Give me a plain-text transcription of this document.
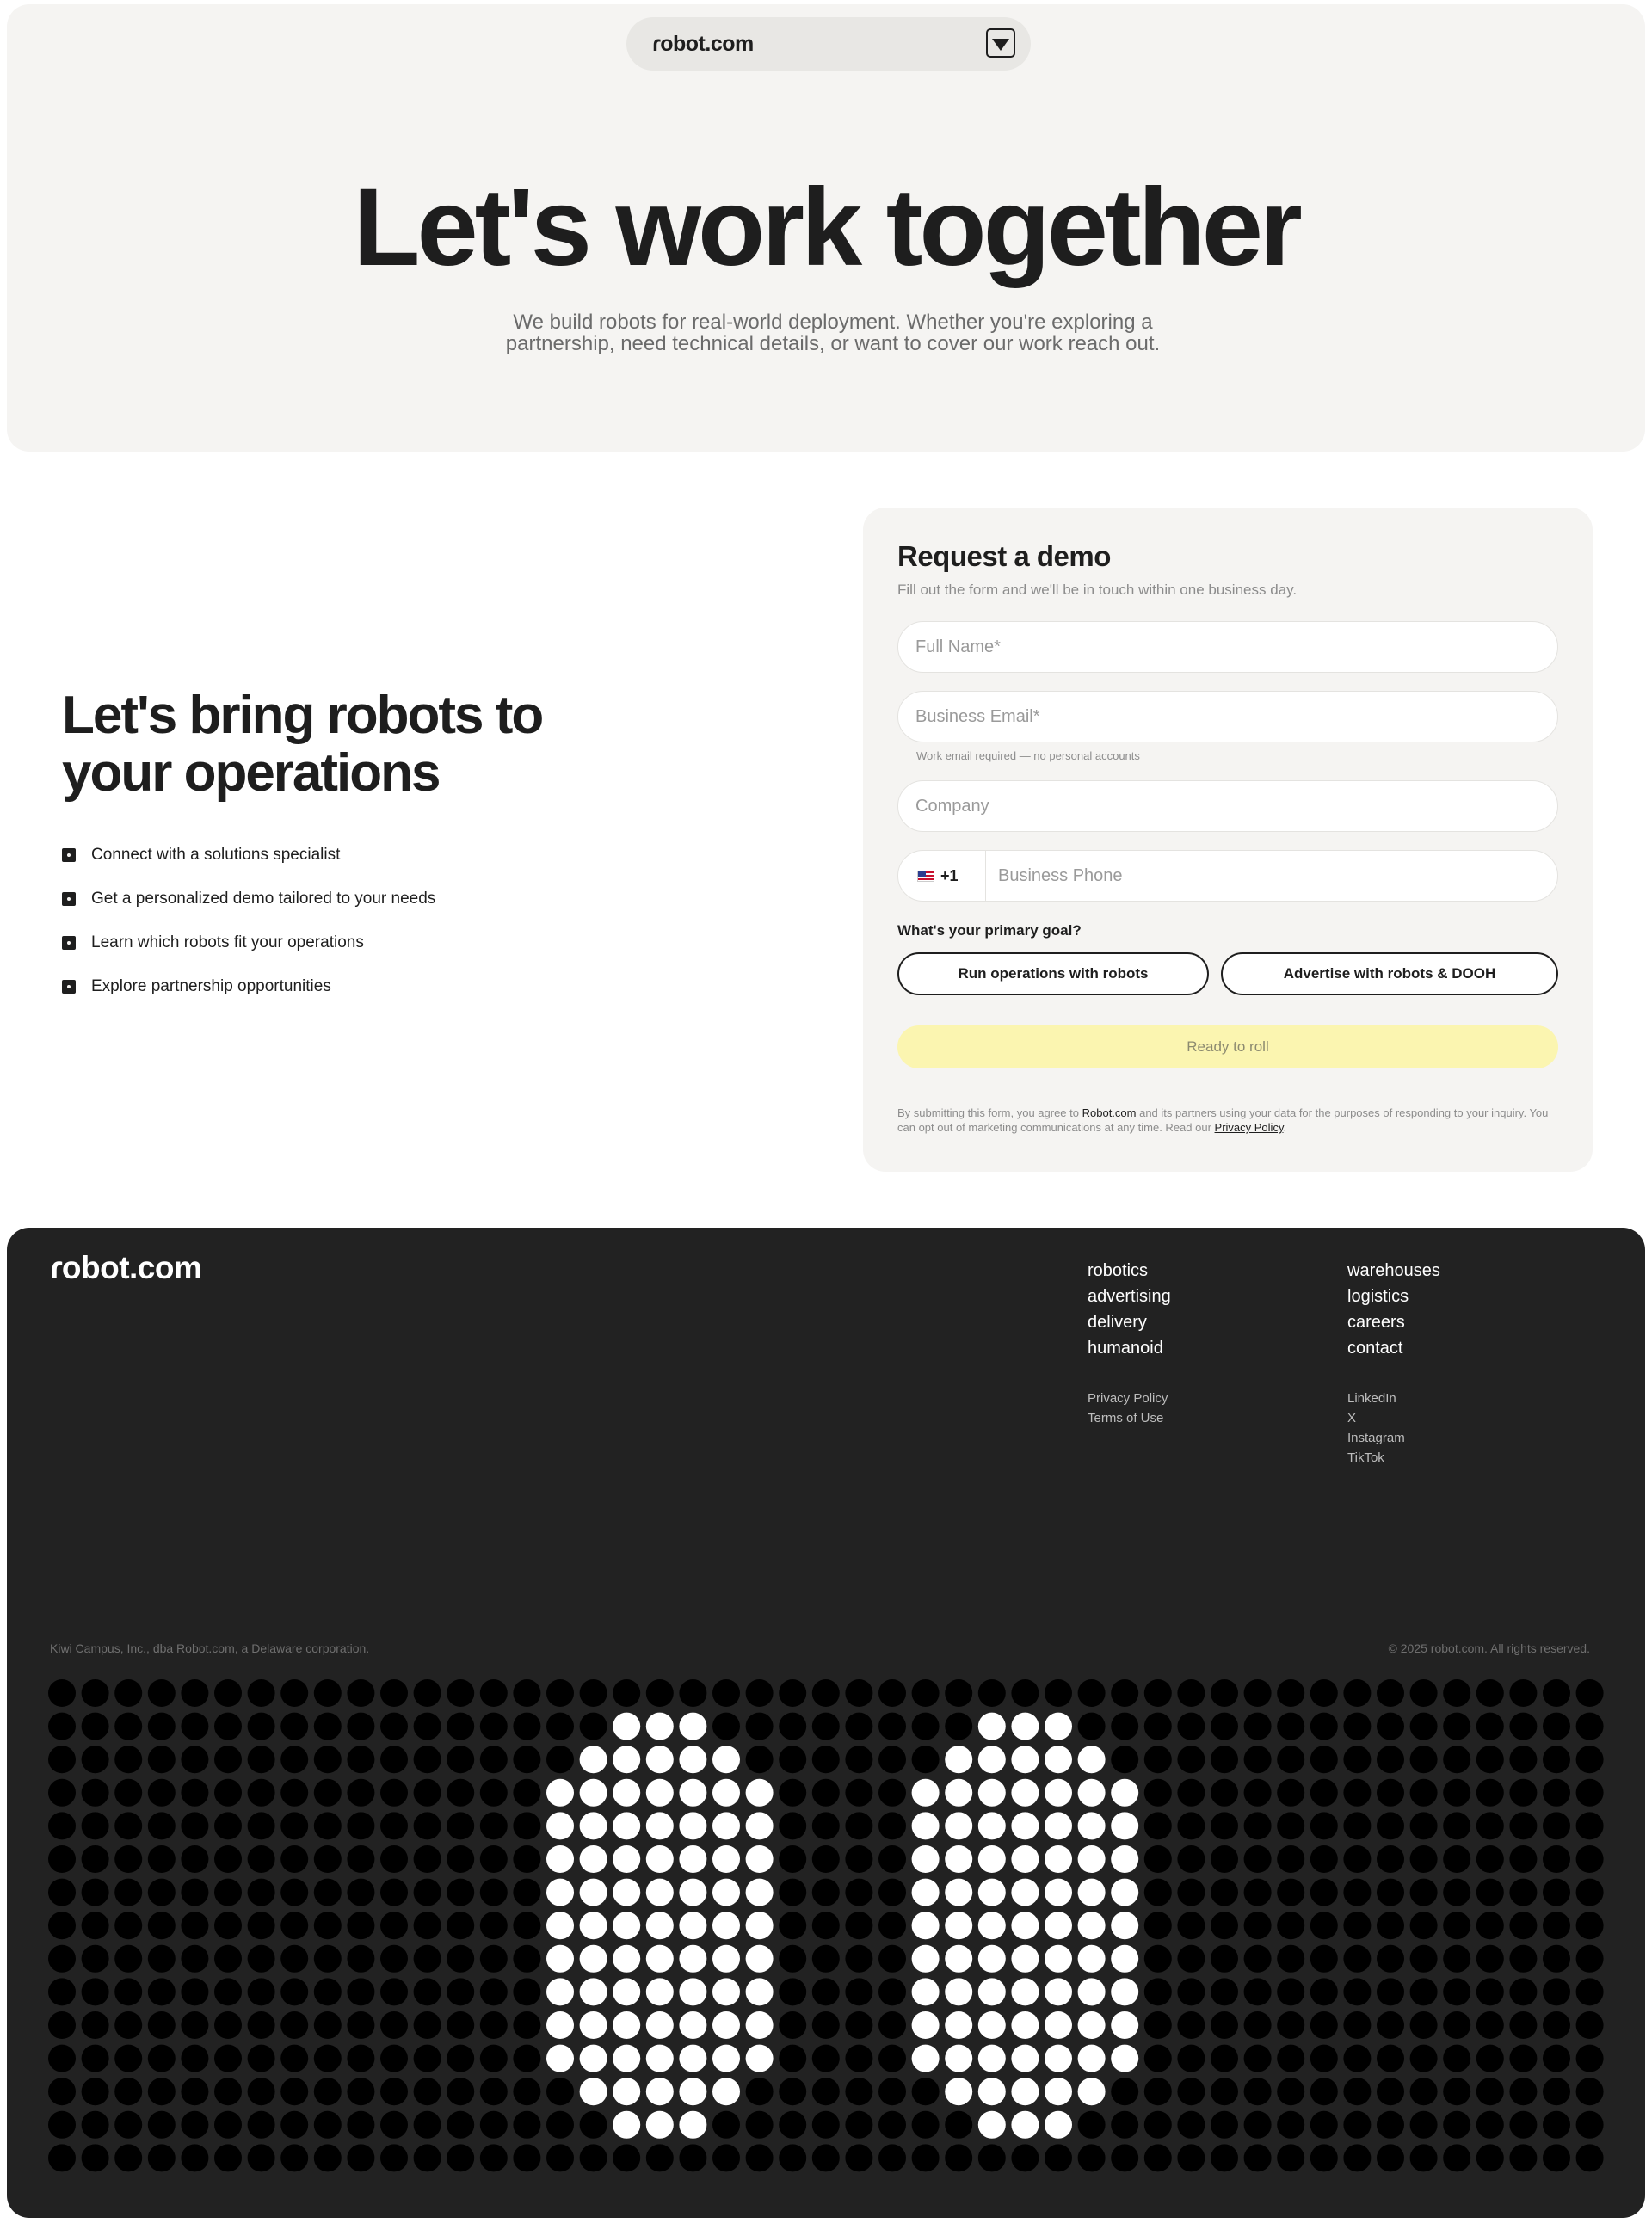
ɾobot.com
Let's work together

We build robots for real-world deployment. Whether you're exploring a partnership, need technical details, or want to cover our work reach out.

Let's bring robots to your operations
Connect with a solutions specialist
Get a personalized demo tailored to your needs
Learn which robots fit your operations
Explore partnership opportunities
Request a demo

Fill out the form and we'll be in touch within one business day.

Full Name*
Business Email*
Work email required — no personal accounts
Company
+1
Business Phone

What's your primary goal?

Run operations with robots	Advertise with robots & DOOH
Ready to roll

By submitting this form, you agree to Robot.com and its partners using your data for the purposes of responding to your inquiry. You can opt out of marketing communications at any time. Read our Privacy Policy.

ɾobot.com	robotics
advertising
delivery
humanoid
warehouses
logistics
careers
contact
Privacy Policy
Terms of Use
LinkedIn
X
Instagram
TikTok

Kiwi Campus, Inc., dba Robot.com, a Delaware corporation.	© 2025 robot.com. All rights reserved.
